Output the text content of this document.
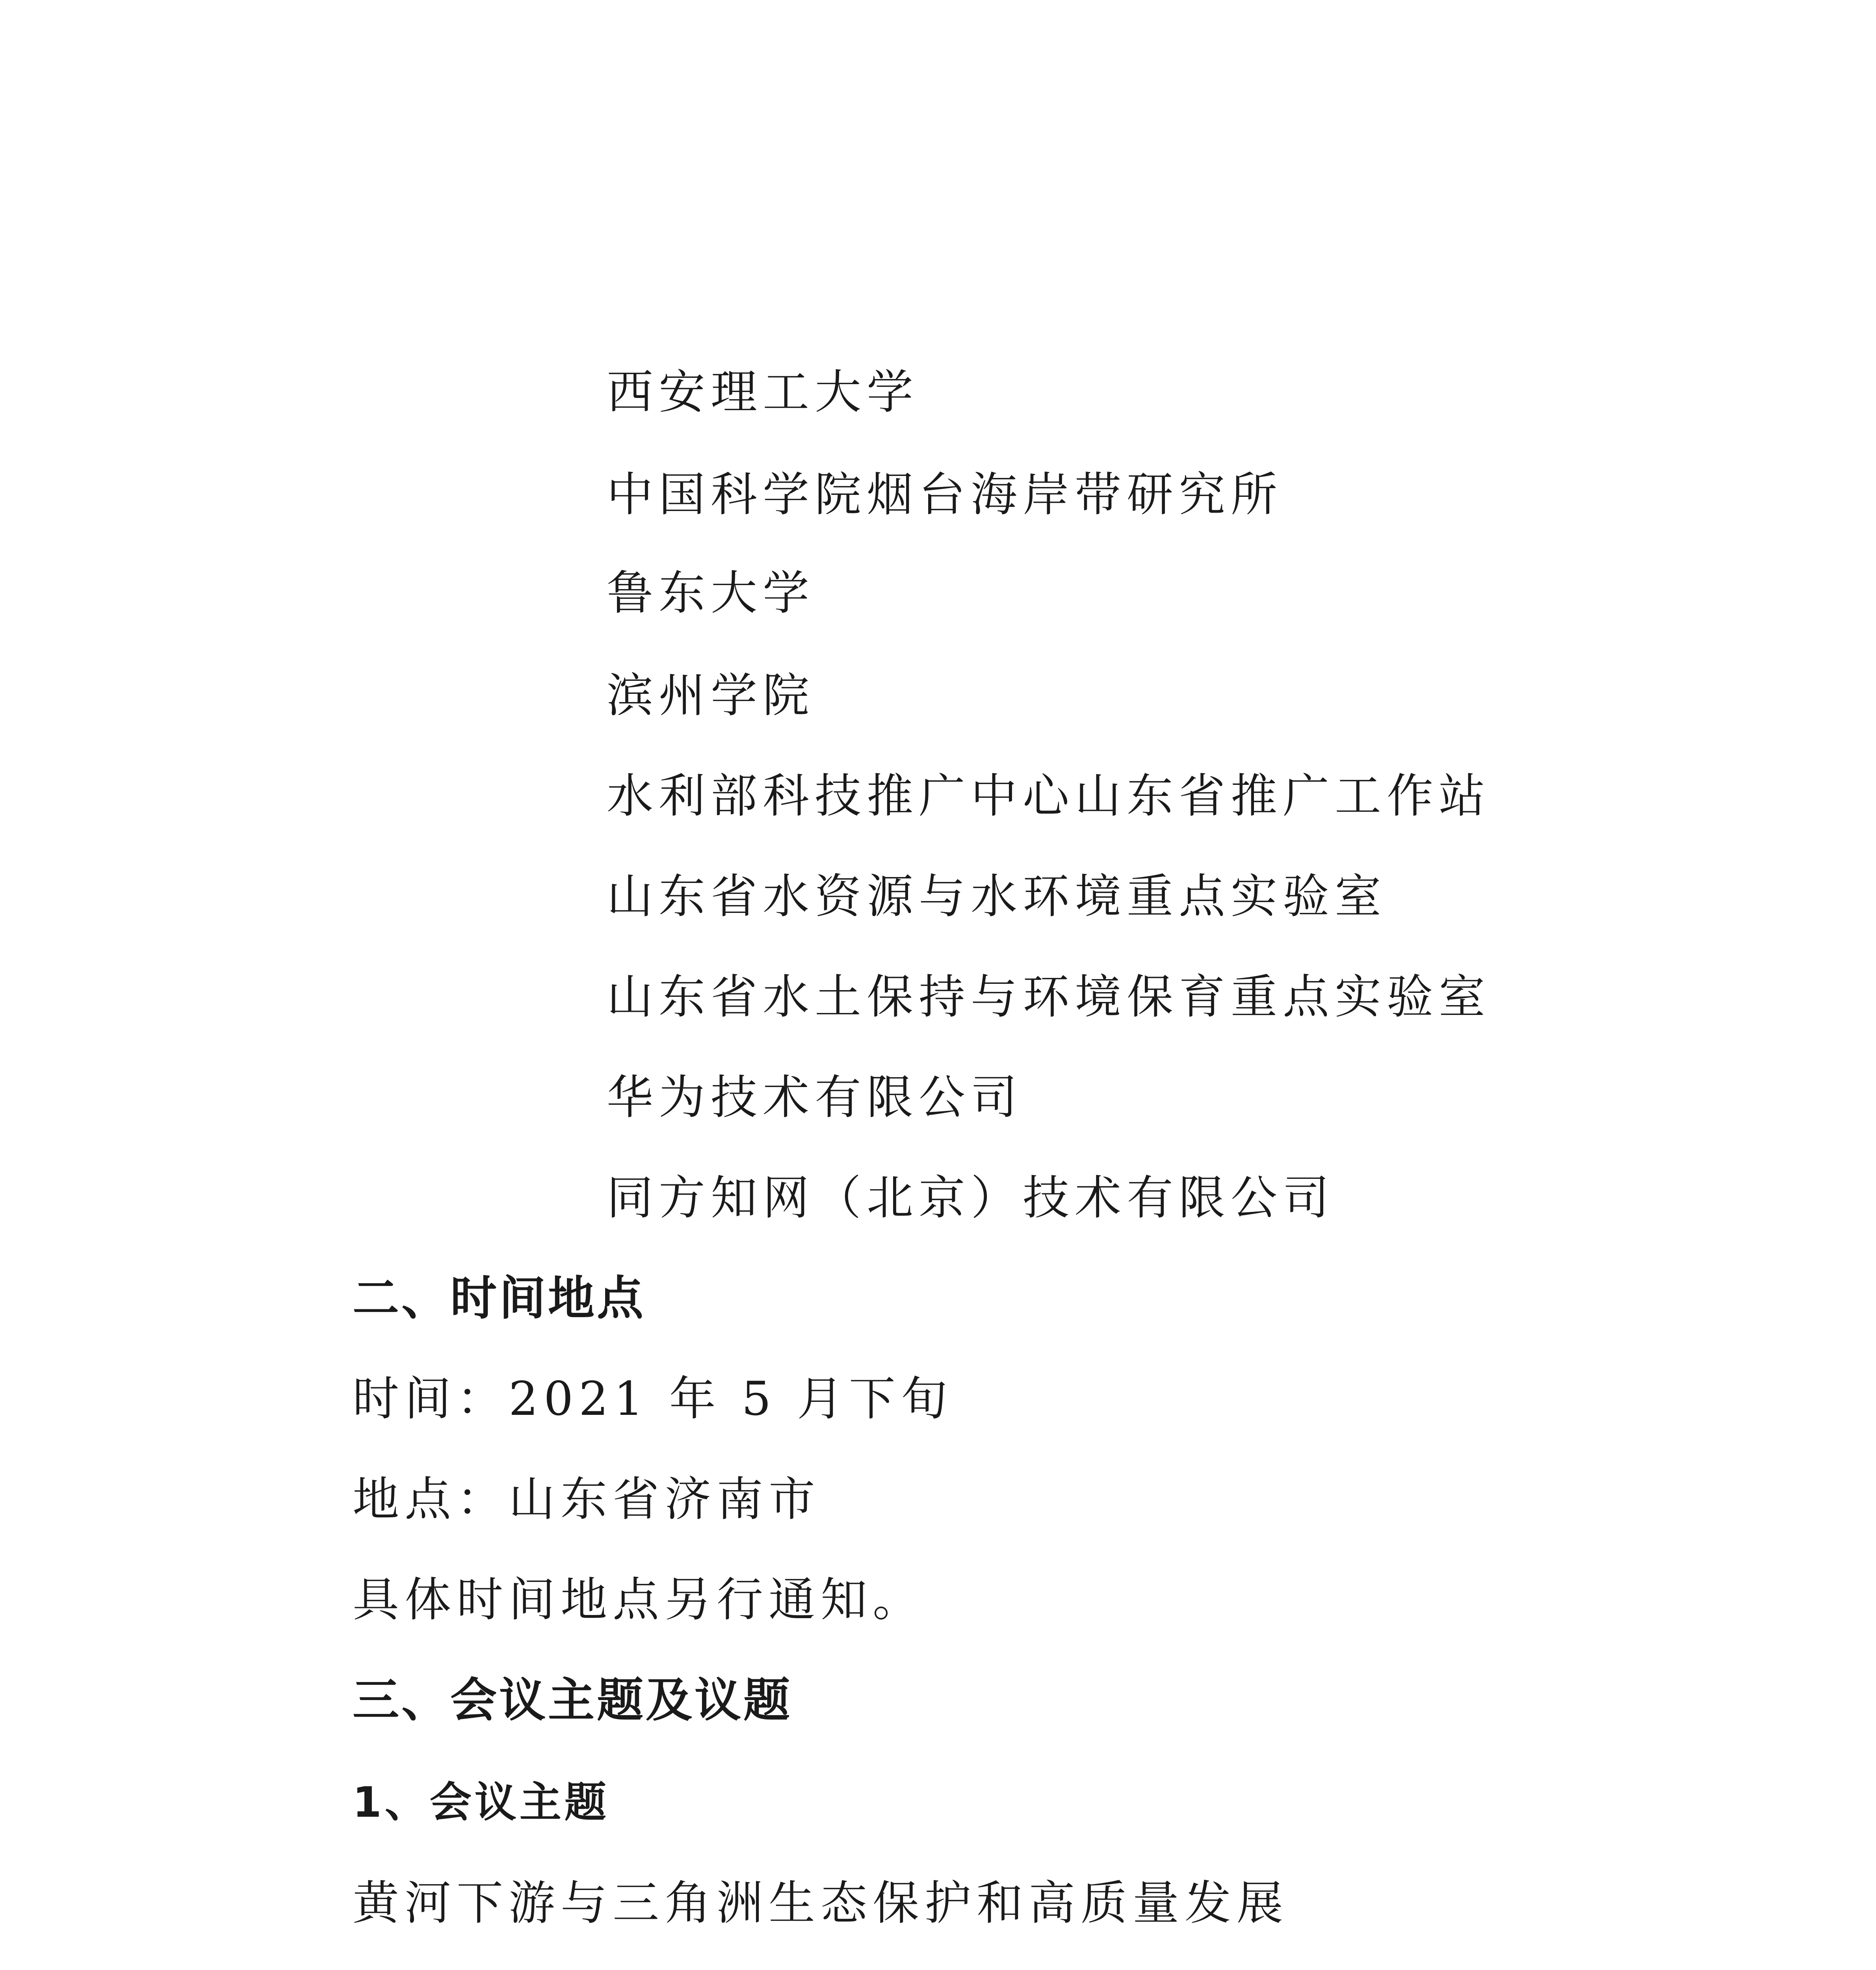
西安理工大学
中国科学院烟台海岸带研究所
鲁东大学
滨州学院
水利部科技推广中心山东省推广工作站
山东省水资源与水环境重点实验室
山东省水土保持与环境保育重点实验室
华为技术有限公司
同方知网（北京）技术有限公司
二、时间地点
时间：2021 年 5 月下旬
地点：山东省济南市
具体时间地点另行通知。
三、会议主题及议题
1、会议主题
黄河下游与三角洲生态保护和高质量发展
